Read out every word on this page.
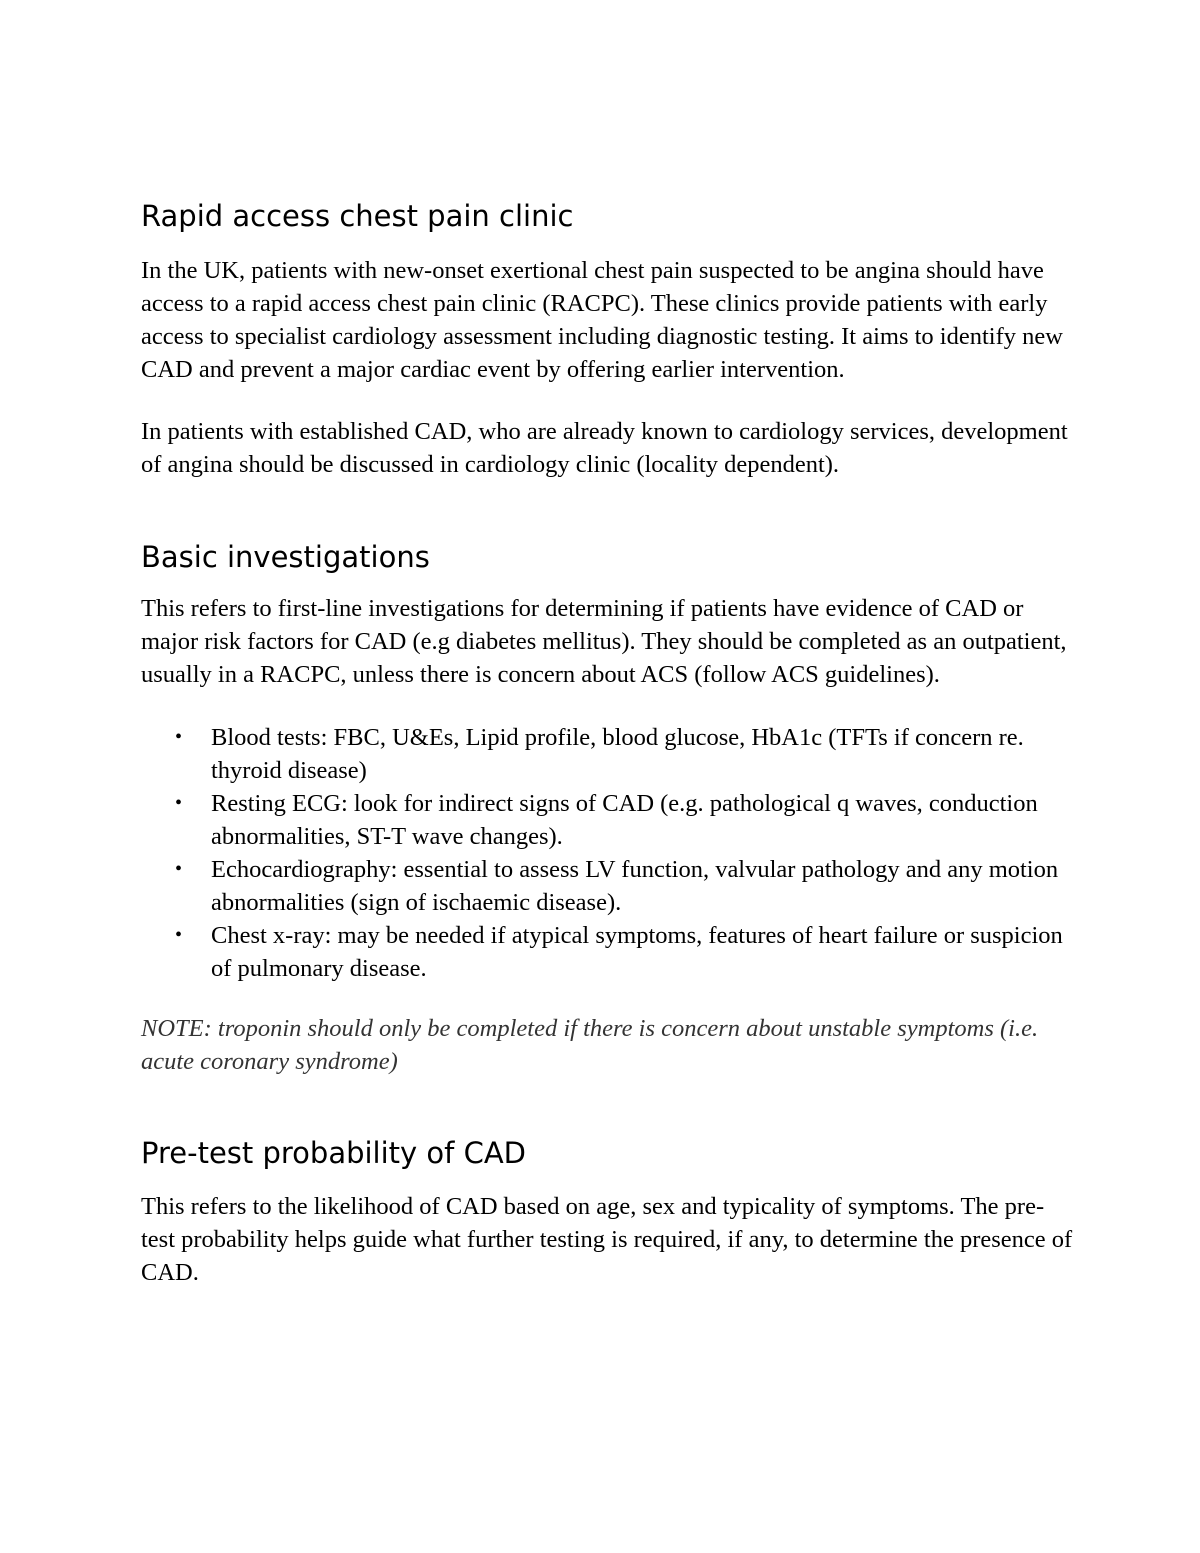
Rapid access chest pain clinic

In the UK, patients with new-onset exertional chest pain suspected to be angina should have access to a rapid access chest pain clinic (RACPC). These clinics provide patients with early access to specialist cardiology assessment including diagnostic testing. It aims to identify new CAD and prevent a major cardiac event by offering earlier intervention.

In patients with established CAD, who are already known to cardiology services, development of angina should be discussed in cardiology clinic (locality dependent).

Basic investigations

This refers to first-line investigations for determining if patients have evidence of CAD or major risk factors for CAD (e.g diabetes mellitus). They should be completed as an outpatient, usually in a RACPC, unless there is concern about ACS (follow ACS guidelines).

• Blood tests: FBC, U&Es, Lipid profile, blood glucose, HbA1c (TFTs if concern re. thyroid disease)
• Resting ECG: look for indirect signs of CAD (e.g. pathological q waves, conduction abnormalities, ST-T wave changes).
• Echocardiography: essential to assess LV function, valvular pathology and any motion abnormalities (sign of ischaemic disease).
• Chest x-ray: may be needed if atypical symptoms, features of heart failure or suspicion of pulmonary disease.

NOTE: troponin should only be completed if there is concern about unstable symptoms (i.e. acute coronary syndrome)

Pre-test probability of CAD

This refers to the likelihood of CAD based on age, sex and typicality of symptoms. The pre-test probability helps guide what further testing is required, if any, to determine the presence of CAD.
